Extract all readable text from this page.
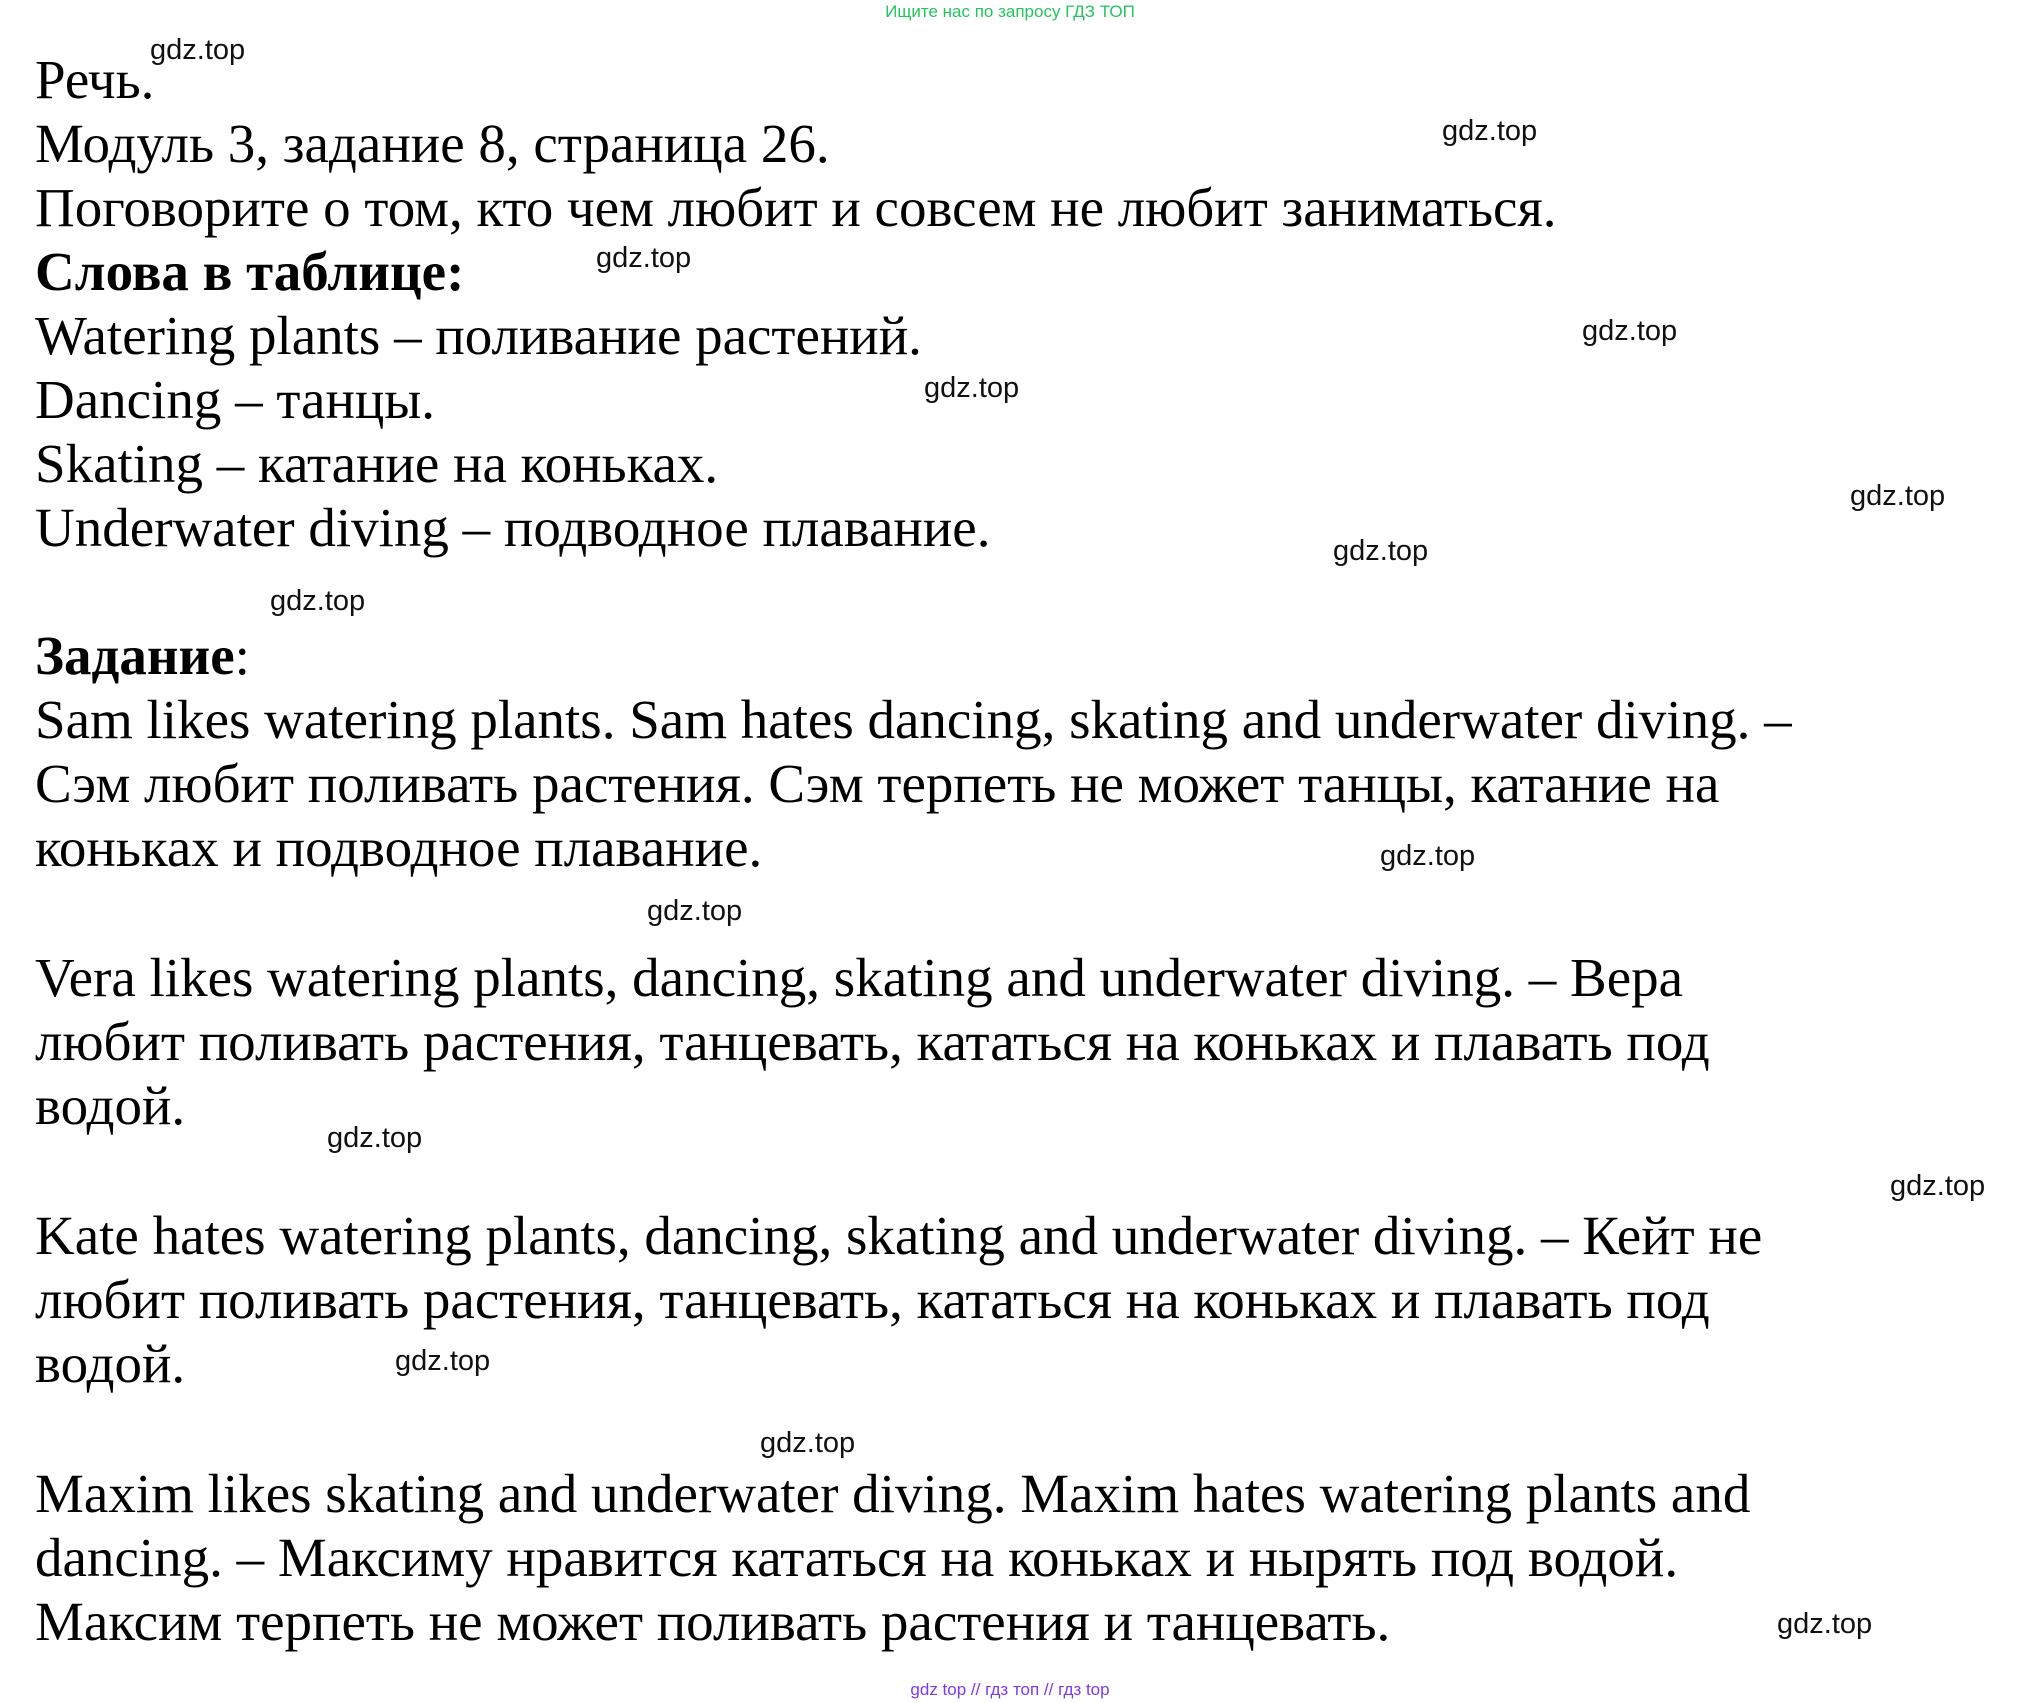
Ищите нас по запросу ГДЗ ТОП

Речь.

Модуль 3, задание 8, страница 26.

Поговорите о том, кто чем любит и совсем не любит заниматься.

Слова в таблице:

Watering plants – поливание растений.

Dancing – танцы.

Skating – катание на коньках.

Underwater diving – подводное плавание.

Задание:

Sam likes watering plants. Sam hates dancing, skating and underwater diving. –

Сэм любит поливать растения. Сэм терпеть не может танцы, катание на

коньках и подводное плавание.

Vera likes watering plants, dancing, skating and underwater diving. – Вера

любит поливать растения, танцевать, кататься на коньках и плавать под

водой.

Kate hates watering plants, dancing, skating and underwater diving. – Кейт не

любит поливать растения, танцевать, кататься на коньках и плавать под

водой.

Maxim likes skating and underwater diving. Maxim hates watering plants and

dancing. – Максиму нравится кататься на коньках и нырять под водой.

Максим терпеть не может поливать растения и танцевать.

gdz.top
gdz.top
gdz.top
gdz.top
gdz.top
gdz.top
gdz.top
gdz.top
gdz.top
gdz.top
gdz.top
gdz.top
gdz.top
gdz.top
gdz.top
gdz top // гдз топ // гдз top
